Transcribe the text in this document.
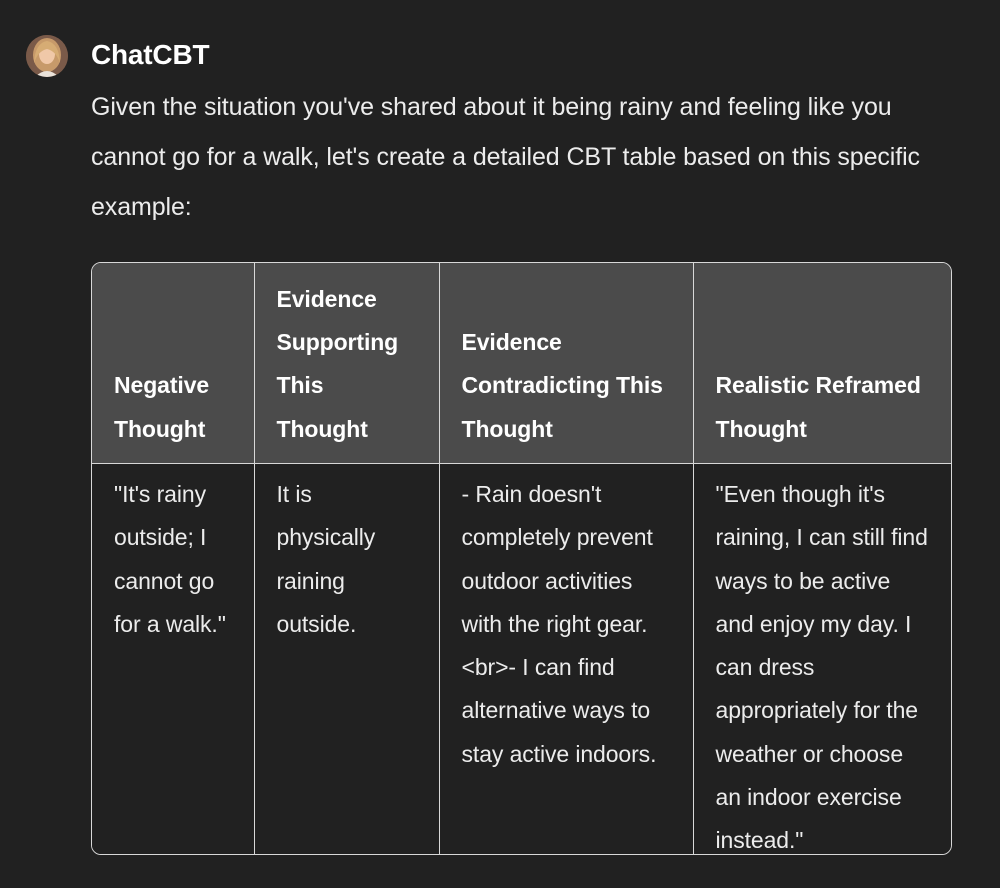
ChatCBT
Given the situation you've shared about it being rainy and feeling like you cannot go for a walk, let's create a detailed CBT table based on this specific example:
Negative Thought	Evidence Supporting This Thought	Evidence Contradicting This Thought	Realistic Reframed Thought
"It's rainy outside; I cannot go for a walk."	It is physically raining outside.	- Rain doesn't completely prevent outdoor activities with the right gear.<br>- I can find alternative ways to stay active indoors.	"Even though it's raining, I can still find ways to be active and enjoy my day. I can dress appropriately for the weather or choose an indoor exercise instead."
